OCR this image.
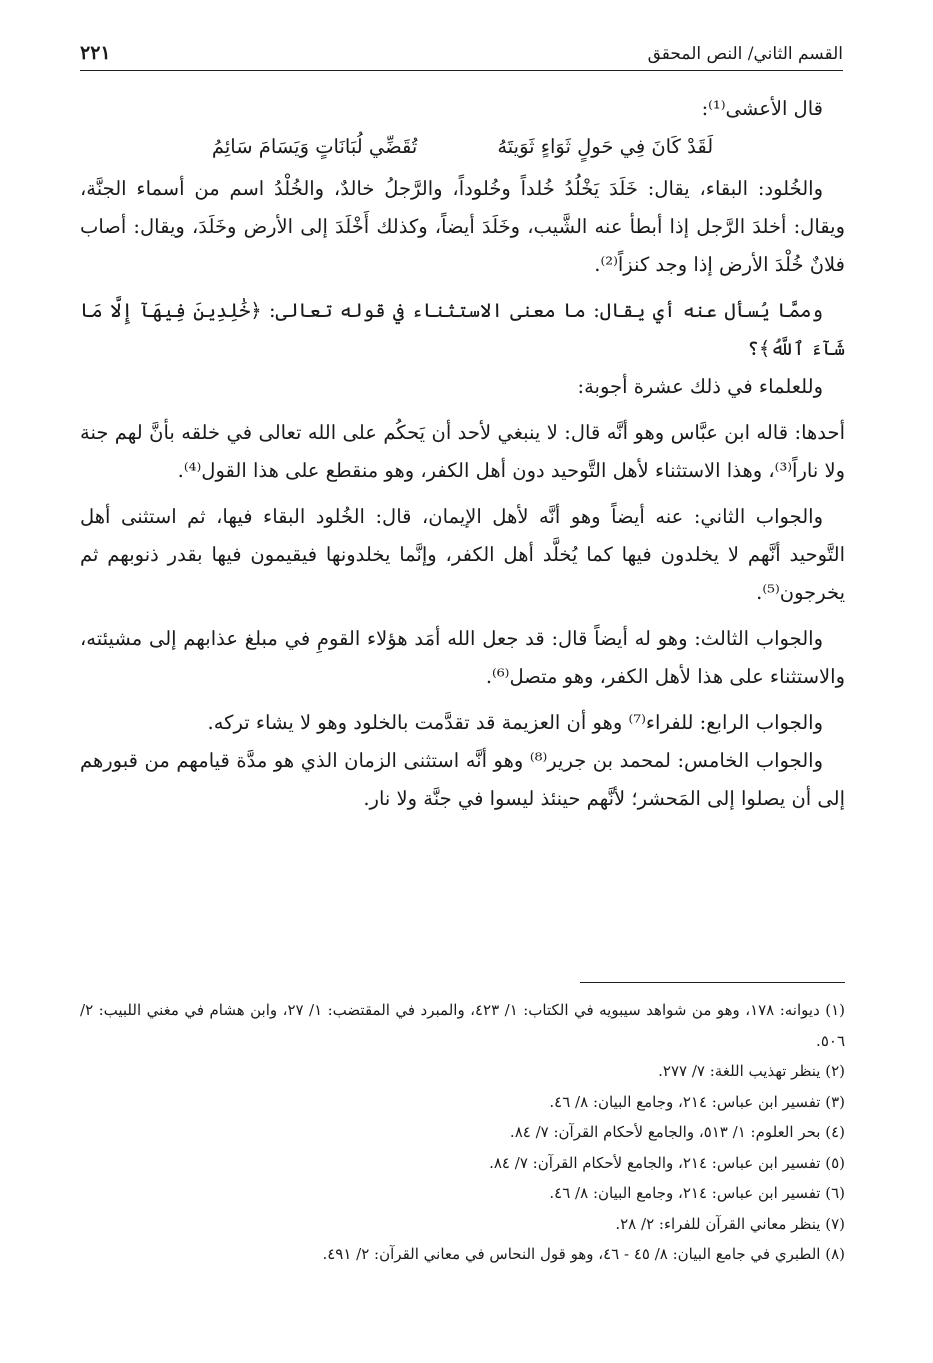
القسم الثاني/ النص المحقق
٢٢١

قال الأعشى⁽¹⁾:

لَقَدْ كَانَ فِي حَولٍ ثَوَاءٍ ثَوَيتَهُ
تُقَضِّي لُبَانَاتٍ وَيَسَامَ سَائِمُ

والخُلود: البقاء، يقال: خَلَدَ يَخْلُدُ خُلداً وخُلوداً، والرَّجلُ خالدٌ، والخُلْدُ اسم من أسماء الجنَّة، ويقال: أخلدَ الرَّجل إذا أبطأ عنه الشَّيب، وخَلَدَ أيضاً، وكذلك أَخْلَدَ إلى الأرض وخَلَدَ، ويقال: أصاب فلانٌ خُلْدَ الأرض إذا وجد كنزاً⁽²⁾.

وممَّا يُسأل عنه أي يقال: ما معنى الاستثناء في قوله تعالى: ﴿خَٰلِدِينَ فِيهَآ إِلَّا مَا شَآءَ ٱللَّهُ﴾؟

وللعلماء في ذلك عشرة أجوبة:

أحدها: قاله ابن عبَّاس وهو أنَّه قال: لا ينبغي لأحد أن يَحكُم على الله تعالى في خلقه بأنَّ لهم جنة ولا ناراً⁽³⁾، وهذا الاستثناء لأهل التَّوحيد دون أهل الكفر، وهو منقطع على هذا القول⁽⁴⁾.

والجواب الثاني: عنه أيضاً وهو أنَّه لأهل الإيمان، قال: الخُلود البقاء فيها، ثم استثنى أهل التَّوحيد أنَّهم لا يخلدون فيها كما يُخلَّد أهل الكفر، وإنَّما يخلدونها فيقيمون فيها بقدر ذنوبهم ثم يخرجون⁽⁵⁾.

والجواب الثالث: وهو له أيضاً قال: قد جعل الله أمَد هؤلاء القومِ في مبلغ عذابهم إلى مشيئته، والاستثناء على هذا لأهل الكفر، وهو متصل⁽⁶⁾.

والجواب الرابع: للفراء⁽⁷⁾ وهو أن العزيمة قد تقدَّمت بالخلود وهو لا يشاء تركه.

والجواب الخامس: لمحمد بن جرير⁽⁸⁾ وهو أنَّه استثنى الزمان الذي هو مدَّة قيامهم من قبورهم إلى أن يصلوا إلى المَحشر؛ لأنَّهم حينئذ ليسوا في جنَّة ولا نار.

(١) ديوانه: ١٧٨، وهو من شواهد سيبويه في الكتاب: ١/ ٤٢٣، والمبرد في المقتضب: ١/ ٢٧، وابن هشام في مغني اللبيب: ٢/ ٥٠٦.
(٢) ينظر تهذيب اللغة: ٧/ ٢٧٧.
(٣) تفسير ابن عباس: ٢١٤، وجامع البيان: ٨/ ٤٦.
(٤) بحر العلوم: ١/ ٥١٣، والجامع لأحكام القرآن: ٧/ ٨٤.
(٥) تفسير ابن عباس: ٢١٤، والجامع لأحكام القرآن: ٧/ ٨٤.
(٦) تفسير ابن عباس: ٢١٤، وجامع البيان: ٨/ ٤٦.
(٧) ينظر معاني القرآن للفراء: ٢/ ٢٨.
(٨) الطبري في جامع البيان: ٨/ ٤٥ - ٤٦، وهو قول النحاس في معاني القرآن: ٢/ ٤٩١.
